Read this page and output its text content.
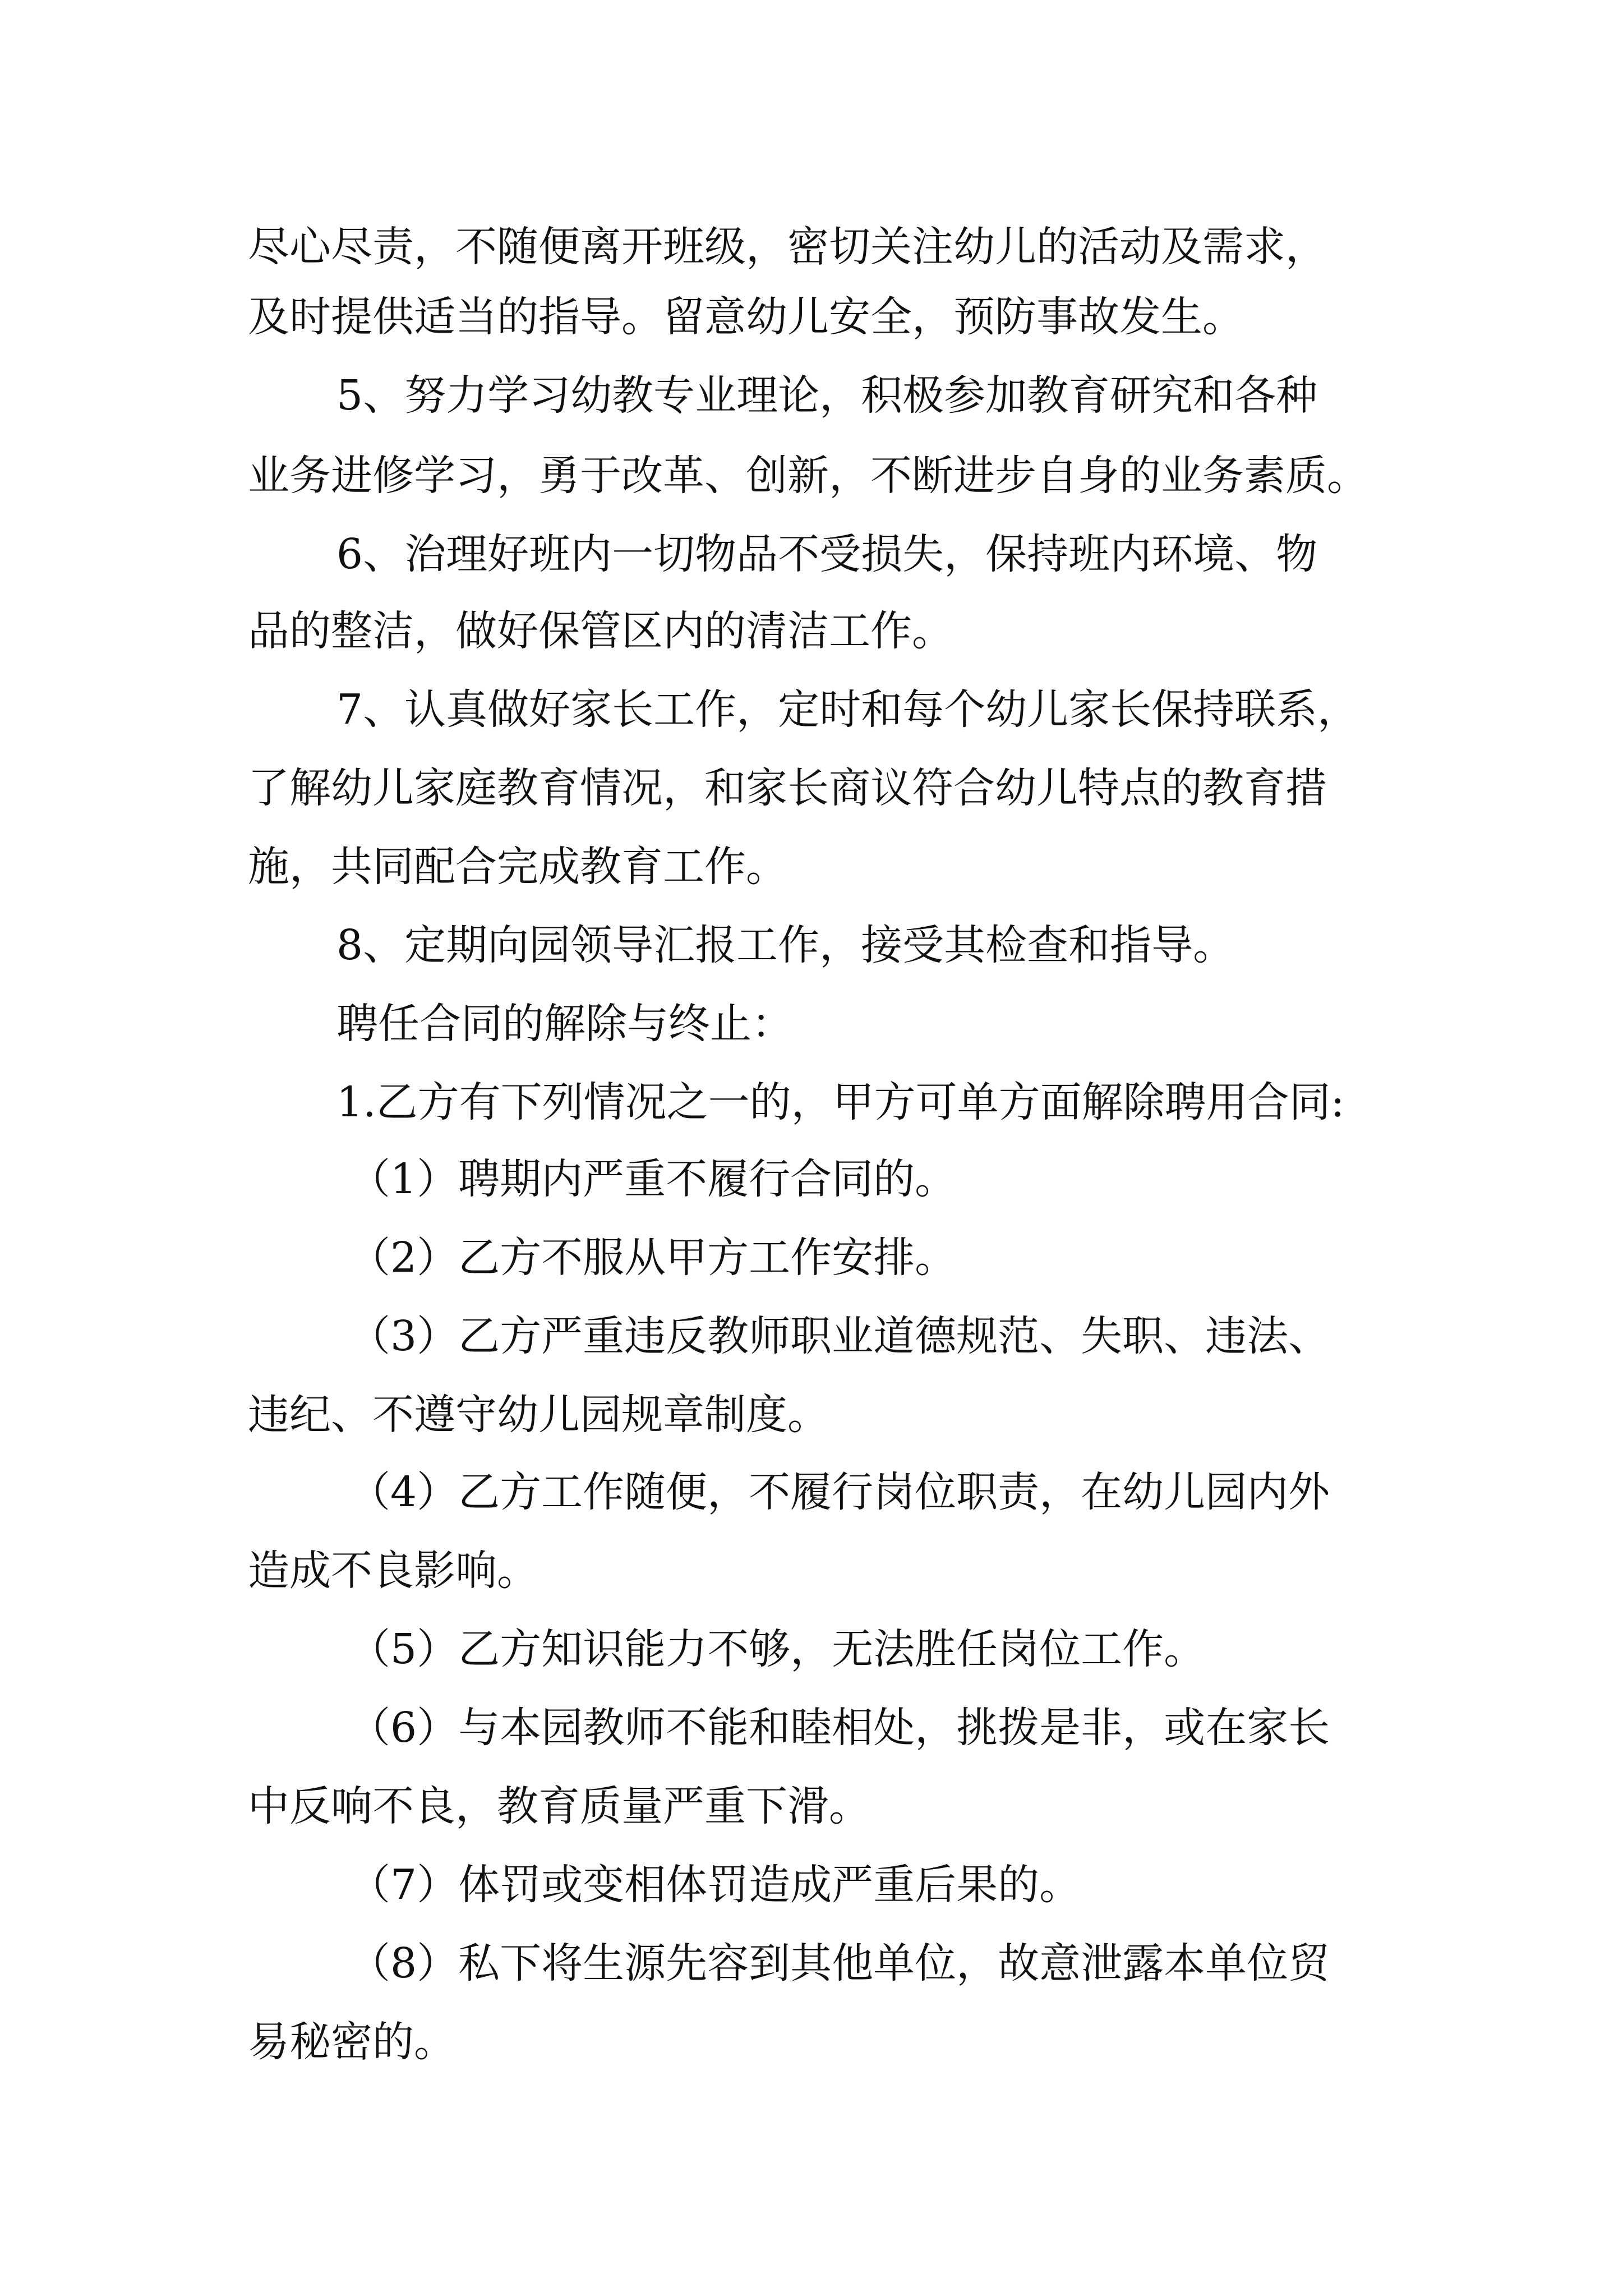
尽心尽责，不随便离开班级，密切关注幼儿的活动及需求，
及时提供适当的指导。留意幼儿安全，预防事故发生。
5、努力学习幼教专业理论，积极参加教育研究和各种
业务进修学习，勇于改革、创新，不断进步自身的业务素质。
6、治理好班内一切物品不受损失，保持班内环境、物
品的整洁，做好保管区内的清洁工作。
7、认真做好家长工作，定时和每个幼儿家长保持联系，
了解幼儿家庭教育情况，和家长商议符合幼儿特点的教育措
施，共同配合完成教育工作。
8、定期向园领导汇报工作，接受其检查和指导。
聘任合同的解除与终止：
1.乙方有下列情况之一的，甲方可单方面解除聘用合同:
（1）聘期内严重不履行合同的。
（2）乙方不服从甲方工作安排。
（3）乙方严重违反教师职业道德规范、失职、违法、
违纪、不遵守幼儿园规章制度。
（4）乙方工作随便，不履行岗位职责，在幼儿园内外
造成不良影响。
（5）乙方知识能力不够，无法胜任岗位工作。
（6）与本园教师不能和睦相处，挑拨是非，或在家长
中反响不良，教育质量严重下滑。
（7）体罚或变相体罚造成严重后果的。
（8）私下将生源先容到其他单位，故意泄露本单位贸
易秘密的。
